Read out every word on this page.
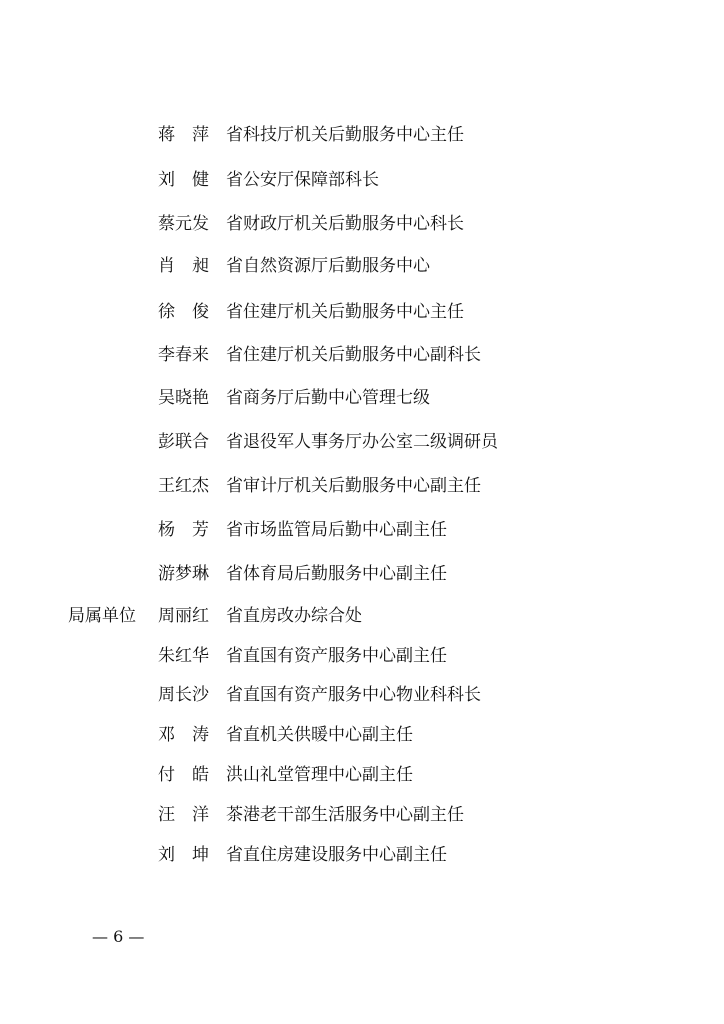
蒋　萍	省科技厅机关后勤服务中心主任
刘　健	省公安厅保障部科长
蔡元发	省财政厅机关后勤服务中心科长
肖　昶	省自然资源厅后勤服务中心
徐　俊	省住建厅机关后勤服务中心主任
李春来	省住建厅机关后勤服务中心副科长
吴晓艳	省商务厅后勤中心管理七级
彭联合	省退役军人事务厅办公室二级调研员
王红杰	省审计厅机关后勤服务中心副主任
杨　芳	省市场监管局后勤中心副主任
游梦琳	省体育局后勤服务中心副主任
局属单位	周丽红	省直房改办综合处
朱红华	省直国有资产服务中心副主任
周长沙	省直国有资产服务中心物业科科长
邓　涛	省直机关供暖中心副主任
付　皓	洪山礼堂管理中心副主任
汪　洋	茶港老干部生活服务中心副主任
刘　坤	省直住房建设服务中心副主任
— 6 —
